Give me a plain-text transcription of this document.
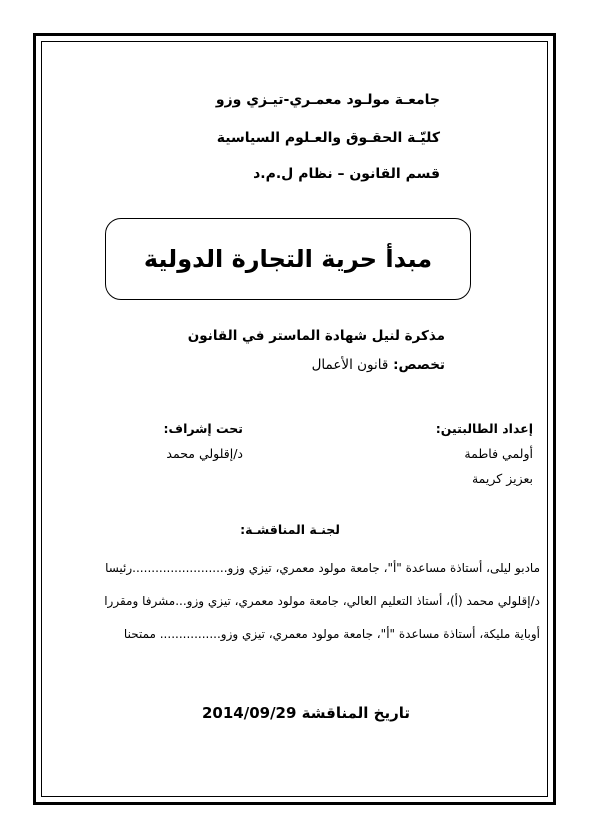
جامعـة مولـود معمـري-تيـزي وزو
كليّـة الحقـوق والعـلوم السياسية
قسم القانون – نظام ل.م.د
مبدأ حرية التجارة الدولية
مذكرة لنيل شهادة الماستر في القانون
تخصص: قانون الأعمال
إعداد الطالبتين:
أولمي فاطمة
بعزيز كريمة
تحت إشراف:
د/إقلولي محمد
لجنـة المناقشـة:
مادبو ليلى، أستاذة مساعدة "أ"، جامعة مولود معمري، تيزي وزو.........................رئيسا
د/إقلولي محمد (أ)، أستاذ التعليم العالي، جامعة مولود معمري، تيزي وزو...مشرفا ومقررا
أوباية مليكة، أستاذة مساعدة "أ"، جامعة مولود معمري، تيزي وزو................ ممتحنا
تاريخ المناقشة 2014/09/29
